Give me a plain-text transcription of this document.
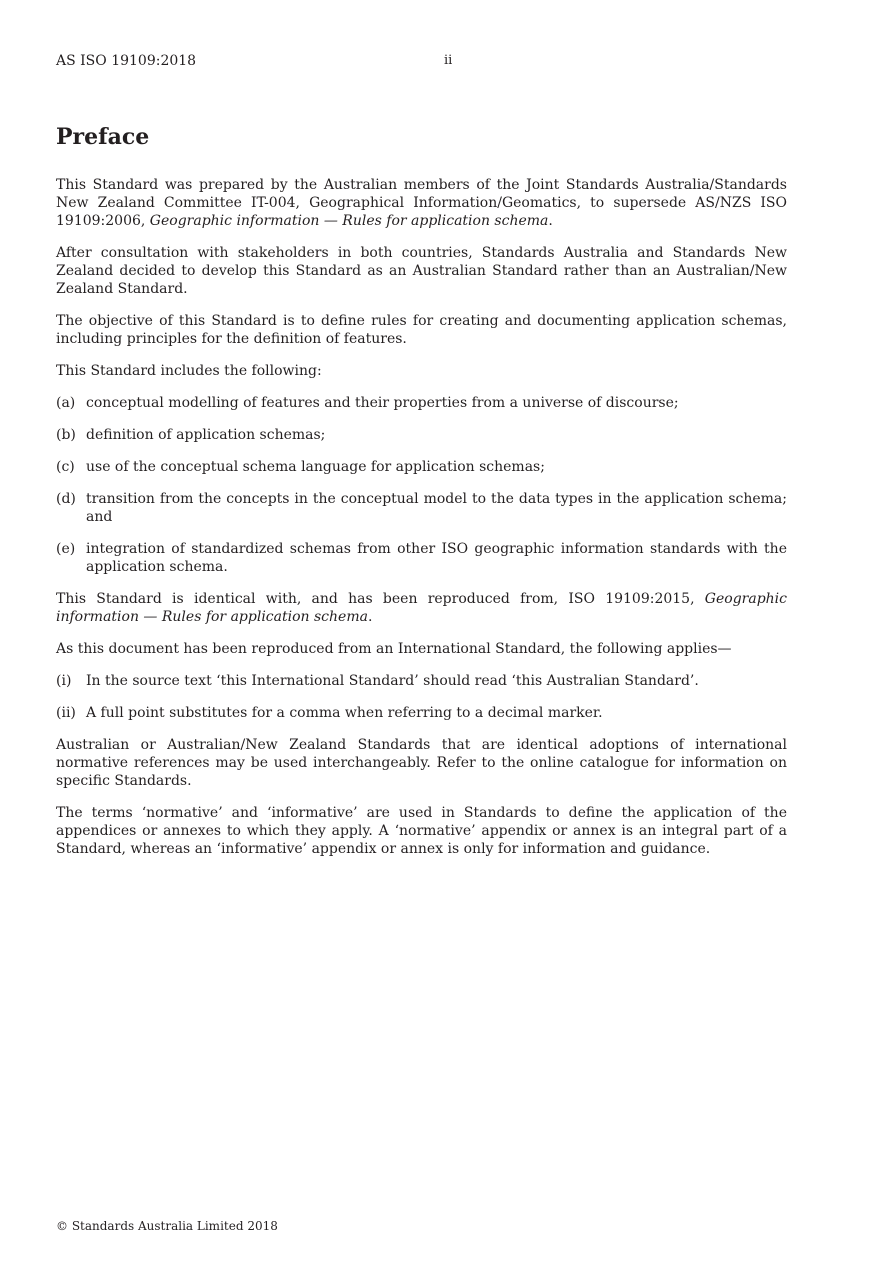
AS ISO 19109:2018	ii
Preface

This Standard was prepared by the Australian members of the Joint Standards Australia/Standards New Zealand Committee IT-004, Geographical Information/Geomatics, to supersede AS/NZS ISO 19109:2006, Geographic information — Rules for application schema.

After consultation with stakeholders in both countries, Standards Australia and Standards New Zealand decided to develop this Standard as an Australian Standard rather than an Australian/New Zealand Standard.

The objective of this Standard is to define rules for creating and documenting application schemas, including principles for the definition of features.

This Standard includes the following:

(a) conceptual modelling of features and their properties from a universe of discourse;
(b) definition of application schemas;
(c) use of the conceptual schema language for application schemas;
(d) transition from the concepts in the conceptual model to the data types in the application schema; and
(e) integration of standardized schemas from other ISO geographic information standards with the application schema.

This Standard is identical with, and has been reproduced from, ISO 19109:2015, Geographic information — Rules for application schema.

As this document has been reproduced from an International Standard, the following applies—

(i)	In the source text ‘this International Standard’ should read ‘this Australian Standard’.
(ii) A full point substitutes for a comma when referring to a decimal marker.

Australian or Australian/New Zealand Standards that are identical adoptions of international normative references may be used interchangeably. Refer to the online catalogue for information on specific Standards.

The terms ‘normative’ and ‘informative’ are used in Standards to define the application of the appendices or annexes to which they apply. A ‘normative’ appendix or annex is an integral part of a Standard, whereas an ‘informative’ appendix or annex is only for information and guidance.

© Standards Australia Limited 2018
